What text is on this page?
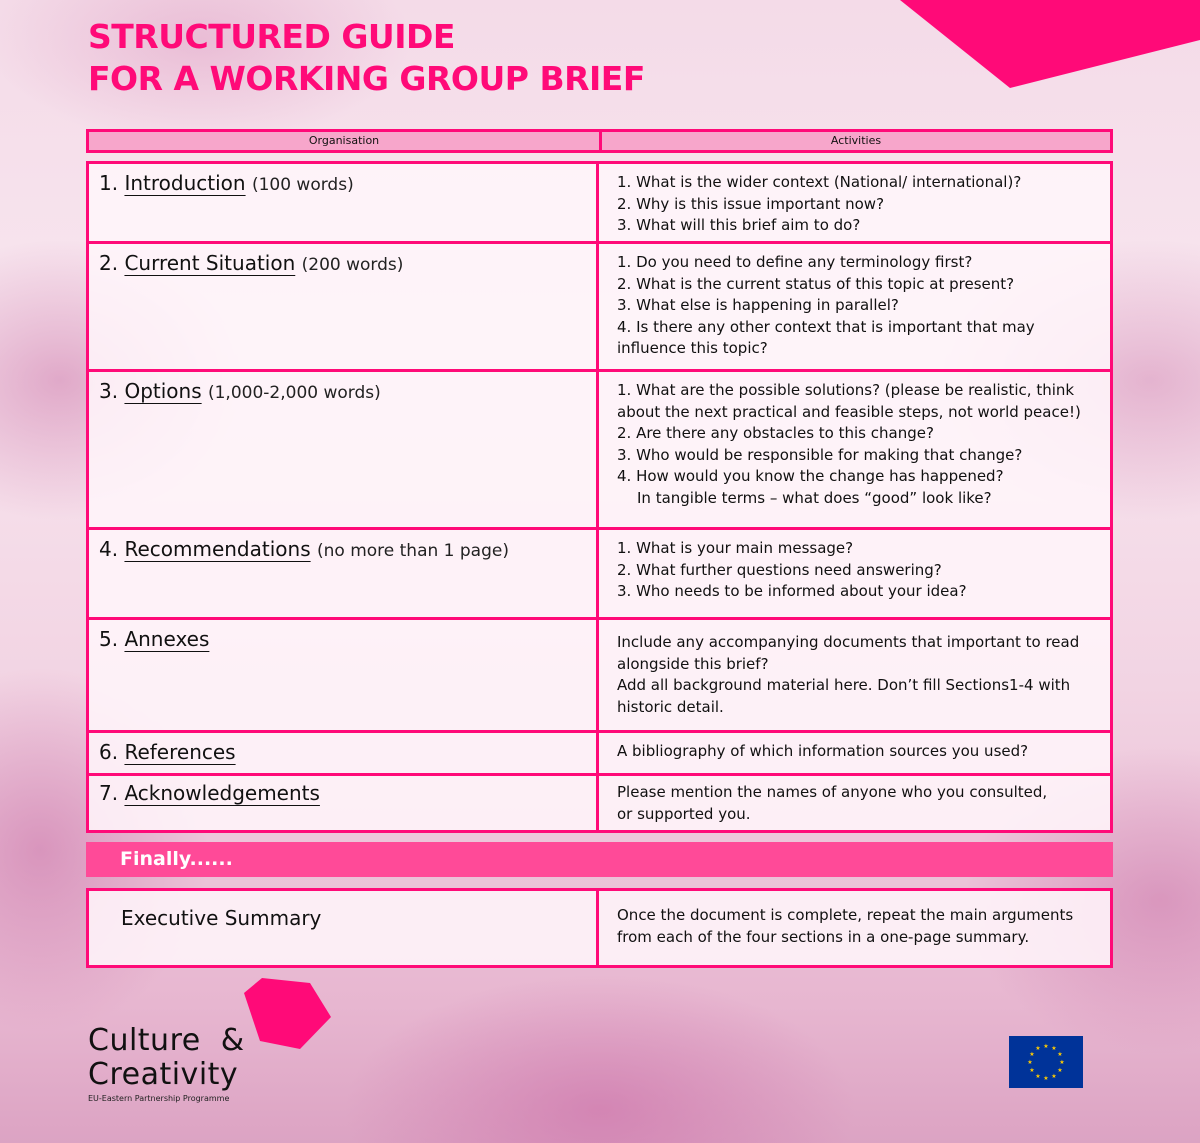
STRUCTURED GUIDE
FOR A WORKING GROUP BRIEF
Organisation	Activities
1. Introduction (100 words)	1. What is the wider context (National/ international)?
2. Why is this issue important now?
3. What will this brief aim to do?
2. Current Situation (200 words)	1. Do you need to define any terminology first?
2. What is the current status of this topic at present?
3. What else is happening in parallel?
4. Is there any other context that is important that may
influence this topic?
3. Options (1,000-2,000 words)	1. What are the possible solutions? (please be realistic, think
about the next practical and feasible steps, not world peace!)
2. Are there any obstacles to this change?
3. Who would be responsible for making that change?
4. How would you know the change has happened?
In tangible terms – what does “good” look like?
4. Recommendations (no more than 1 page)	1. What is your main message?
2. What further questions need answering?
3. Who needs to be informed about your idea?
5. Annexes	Include any accompanying documents that important to read
alongside this brief?
Add all background material here. Don’t fill Sections1-4 with
historic detail.
6. References	A bibliography of which information sources you used?
7. Acknowledgements	Please mention the names of anyone who you consulted,
or supported you.
Finally......
Executive Summary	Once the document is complete, repeat the main arguments
from each of the four sections in a one-page summary.
Culture  &
Creativity
EU-Eastern Partnership Programme
★ ★
★
★
★
★
★
★
★
★
★
★
